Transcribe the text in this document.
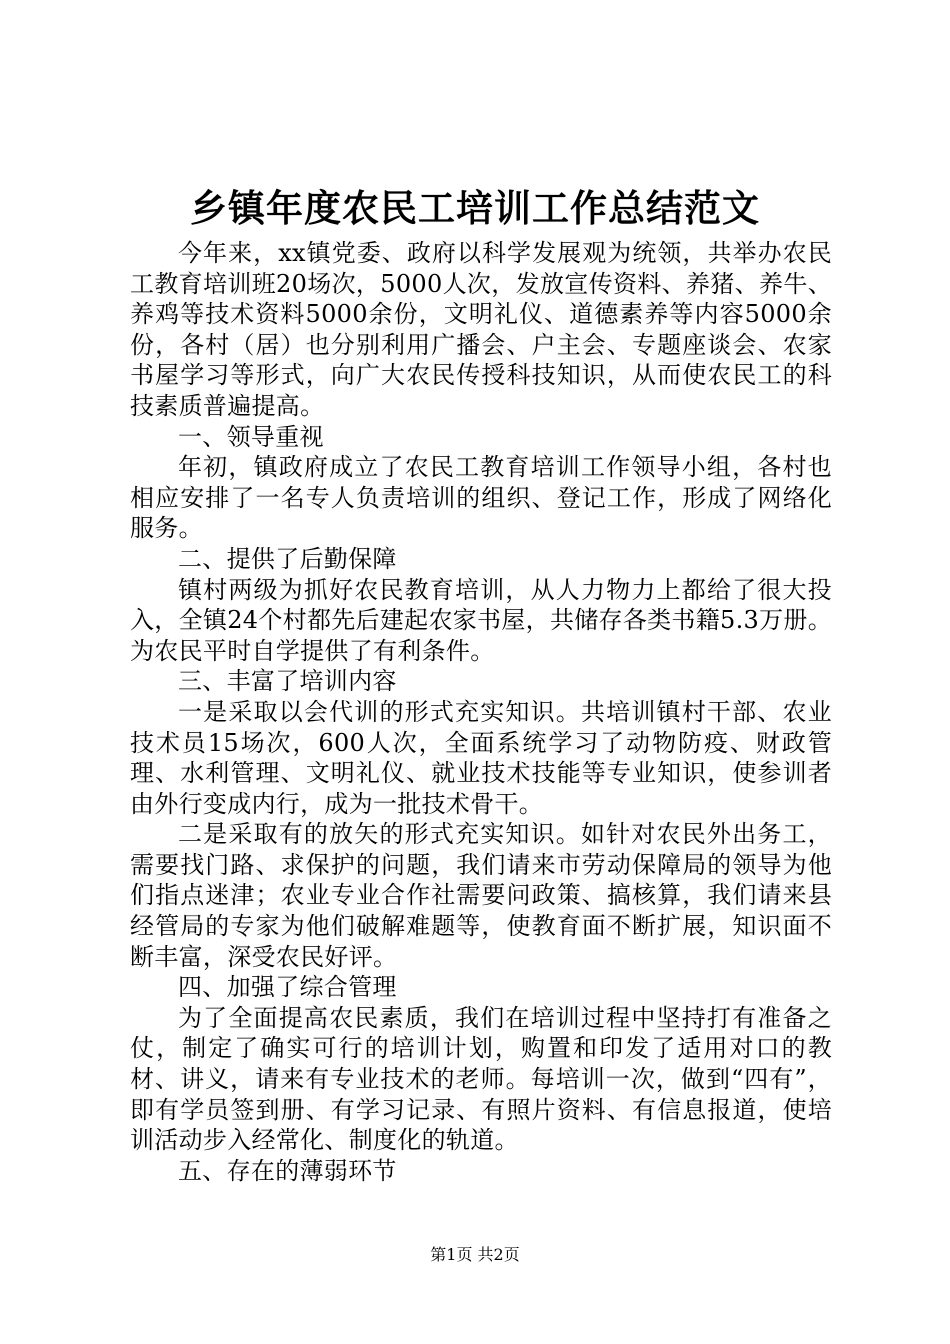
乡镇年度农民工培训工作总结范文

今年来，xx镇党委、政府以科学发展观为统领，共举办农民工教育培训班20场次，5000人次，发放宣传资料、养猪、养牛、养鸡等技术资料5000余份，文明礼仪、道德素养等内容5000余份，各村（居）也分别利用广播会、户主会、专题座谈会、农家书屋学习等形式，向广大农民传授科技知识，从而使农民工的科技素质普遍提高。

一、领导重视

年初，镇政府成立了农民工教育培训工作领导小组，各村也相应安排了一名专人负责培训的组织、登记工作，形成了网络化服务。

二、提供了后勤保障

镇村两级为抓好农民教育培训，从人力物力上都给了很大投入，全镇24个村都先后建起农家书屋，共储存各类书籍5.3万册。为农民平时自学提供了有利条件。

三、丰富了培训内容

一是采取以会代训的形式充实知识。共培训镇村干部、农业技术员15场次，600人次，全面系统学习了动物防疫、财政管理、水利管理、文明礼仪、就业技术技能等专业知识，使参训者由外行变成内行，成为一批技术骨干。

二是采取有的放矢的形式充实知识。如针对农民外出务工，需要找门路、求保护的问题，我们请来市劳动保障局的领导为他们指点迷津；农业专业合作社需要问政策、搞核算，我们请来县经管局的专家为他们破解难题等，使教育面不断扩展，知识面不断丰富，深受农民好评。

四、加强了综合管理

为了全面提高农民素质，我们在培训过程中坚持打有准备之仗，制定了确实可行的培训计划，购置和印发了适用对口的教材、讲义，请来有专业技术的老师。每培训一次，做到“四有”，即有学员签到册、有学习记录、有照片资料、有信息报道，使培训活动步入经常化、制度化的轨道。

五、存在的薄弱环节

第1页 共2页
